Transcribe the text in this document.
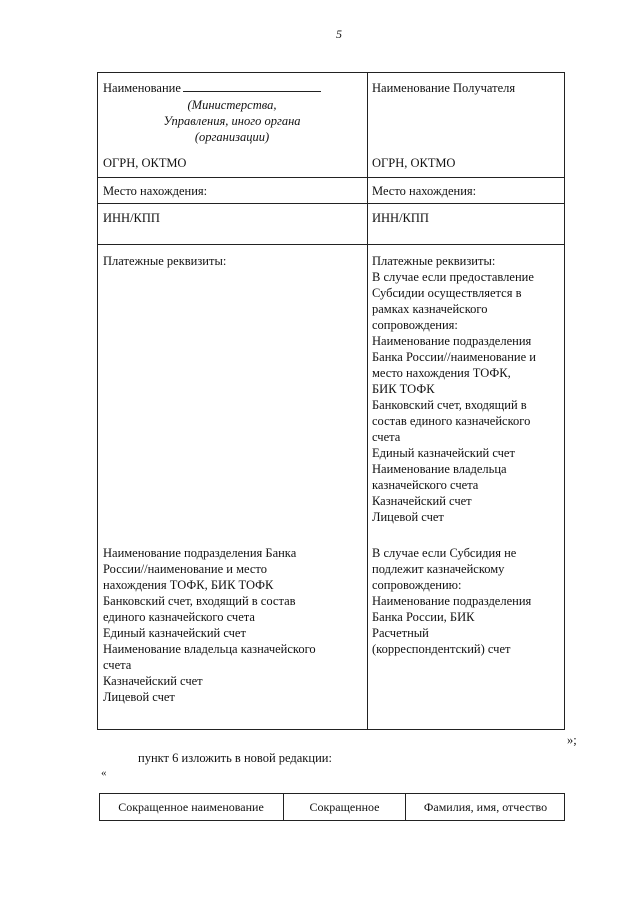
5
Наименование
(Министерства,
Управления, иного органа
(организации)
ОГРН, ОКТМО
Место нахождения:
ИНН/КПП
Платежные реквизиты:
Наименование подразделения Банка
России//наименование и место
нахождения ТОФК, БИК ТОФК
Банковский счет, входящий в состав
единого казначейского счета
Единый казначейский счет
Наименование владельца казначейского
счета
Казначейский счет
Лицевой счет
Наименование Получателя
ОГРН, ОКТМО
Место нахождения:
ИНН/КПП
Платежные реквизиты:
В случае если предоставление
Субсидии осуществляется в
рамках казначейского
сопровождения:
Наименование подразделения
Банка России//наименование и
место нахождения ТОФК,
БИК ТОФК
Банковский счет, входящий в
состав единого казначейского
счета
Единый казначейский счет
Наименование владельца
казначейского счета
Казначейский счет
Лицевой счет
В случае если Субсидия не
подлежит казначейскому
сопровождению:
Наименование подразделения
Банка России, БИК
Расчетный
(корреспондентский) счет
»;
пункт 6 изложить в новой редакции:
«
Сокращенное наименование	Сокращенное	Фамилия, имя, отчество
